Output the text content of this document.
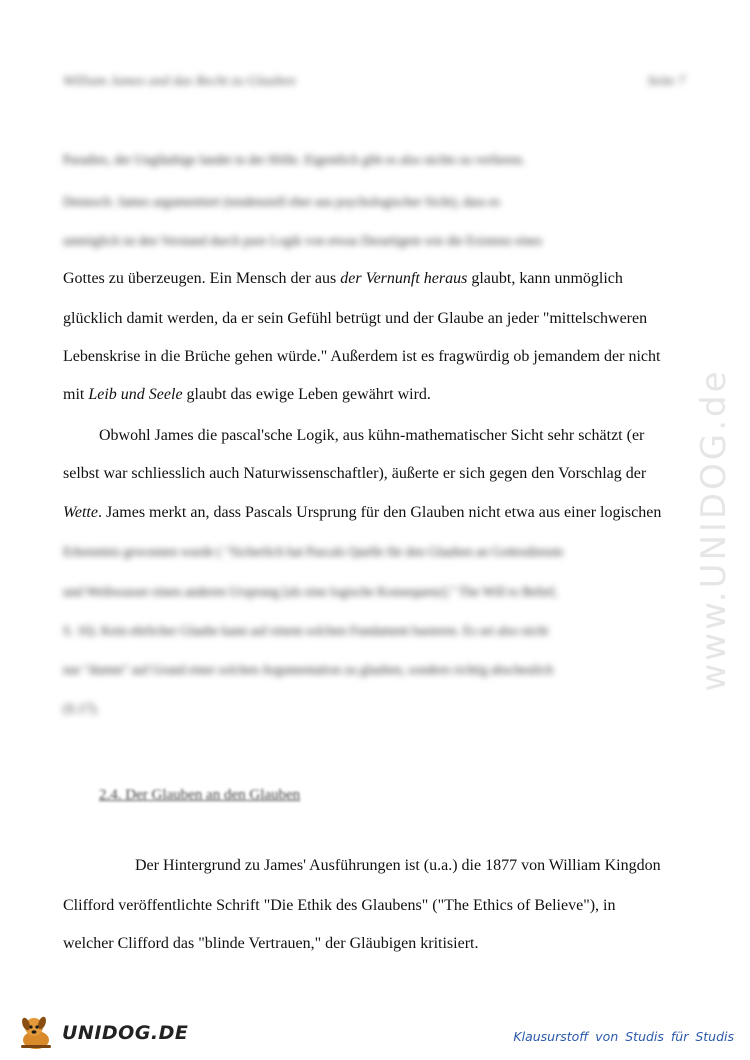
William James und das Recht zu Glauben	Seite 7
Paradies, der Ungläubige landet in der Hölle. Eigentlich gibt es also nichts zu verlieren.
Dennoch: James argumentiert (tendenziell eher aus psychologischer Sicht), dass es
unmöglich ist den Verstand durch pure Logik von etwas Derartigem wie die Existenz eines
Gottes zu überzeugen. Ein Mensch der aus der Vernunft heraus glaubt, kann unmöglich
glücklich damit werden, da er sein Gefühl betrügt und der Glaube an jeder "mittelschweren
Lebenskrise in die Brüche gehen würde." Außerdem ist es fragwürdig ob jemandem der nicht
mit Leib und Seele glaubt das ewige Leben gewährt wird.
Obwohl James die pascal'sche Logik, aus kühn-mathematischer Sicht sehr schätzt (er
selbst war schliesslich auch Naturwissenschaftler), äußerte er sich gegen den Vorschlag der
Wette. James merkt an, dass Pascals Ursprung für den Glauben nicht etwa aus einer logischen
Erkenntnis gewonnen wurde ( "Sicherlich hat Pascals Quelle für den Glauben an Gottesdienste
und Weihwasser einen anderen Ursprung [als eine logische Konsequenz]." The Will to Belief,
S. 16). Kein ehrlicher Glaube kann auf einem solchen Fundament basieren. Es sei also nicht
nur "dumm" auf Grund einer solchen Argumentation zu glauben, sondern richtig abscheulich
(S.17).
2.4. Der Glauben an den Glauben
Der Hintergrund zu James' Ausführungen ist (u.a.) die 1877 von William Kingdon
Clifford veröffentlichte Schrift "Die Ethik des Glaubens" ("The Ethics of Believe"), in
welcher Clifford das "blinde Vertrauen," der Gläubigen kritisiert.
www.UNIDOG.de
UNIDOG.DE	Klausurstoff von Studis für Studis
